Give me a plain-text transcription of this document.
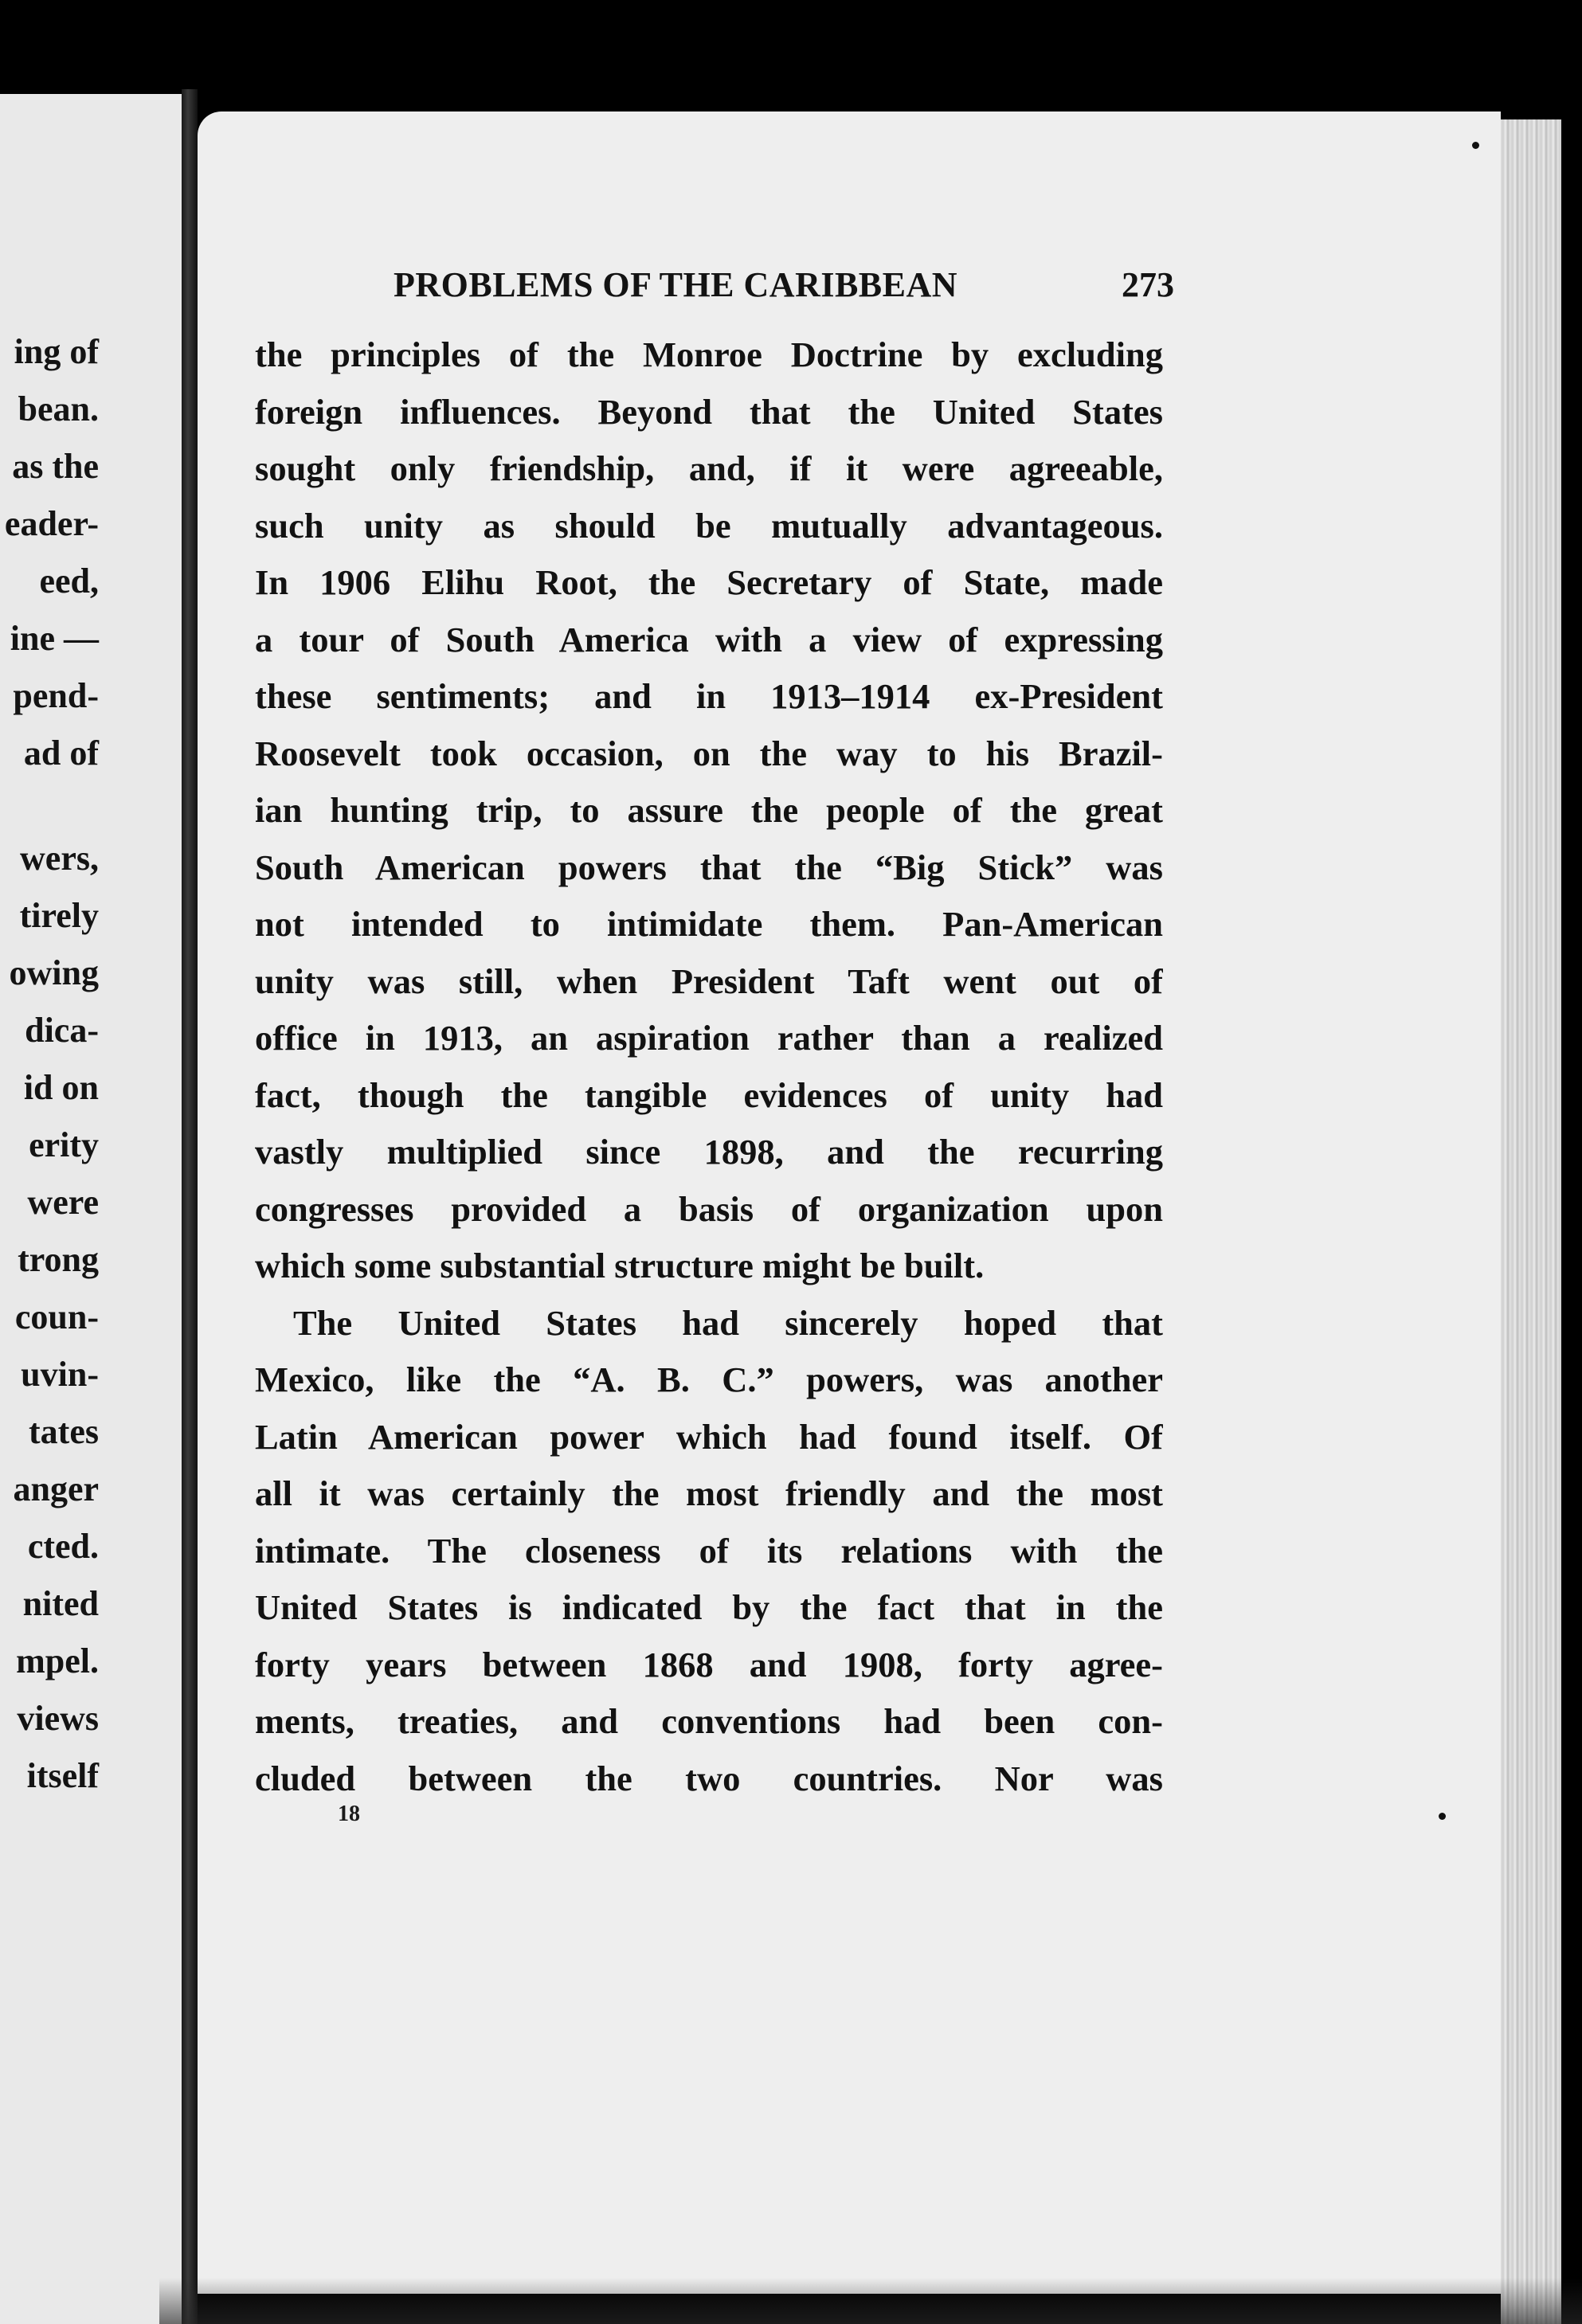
ing of
bean.
as the
eader-
eed,
ine —
pend-
ad of
wers,
tirely
owing
dica-
id on
erity
were
trong
coun-
uvin-
tates
anger
cted.
nited
mpel.
views
itself
PROBLEMS OF THE CARIBBEAN	273
the principles of the Monroe Doctrine by excluding
foreign influences. Beyond that the United States
sought only friendship, and, if it were agreeable,
such unity as should be mutually advantageous.
In 1906 Elihu Root, the Secretary of State, made
a tour of South America with a view of expressing
these sentiments; and in 1913–1914 ex-President
Roosevelt took occasion, on the way to his Brazil-
ian hunting trip, to assure the people of the great
South American powers that the “Big Stick” was
not intended to intimidate them. Pan-American
unity was still, when President Taft went out of
office in 1913, an aspiration rather than a realized
fact, though the tangible evidences of unity had
vastly multiplied since 1898, and the recurring
congresses provided a basis of organization upon
which some substantial structure might be built.
The United States had sincerely hoped that
Mexico, like the “A. B. C.” powers, was another
Latin American power which had found itself. Of
all it was certainly the most friendly and the most
intimate. The closeness of its relations with the
United States is indicated by the fact that in the
forty years between 1868 and 1908, forty agree-
ments, treaties, and conventions had been con-
cluded between the two countries. Nor was
18
